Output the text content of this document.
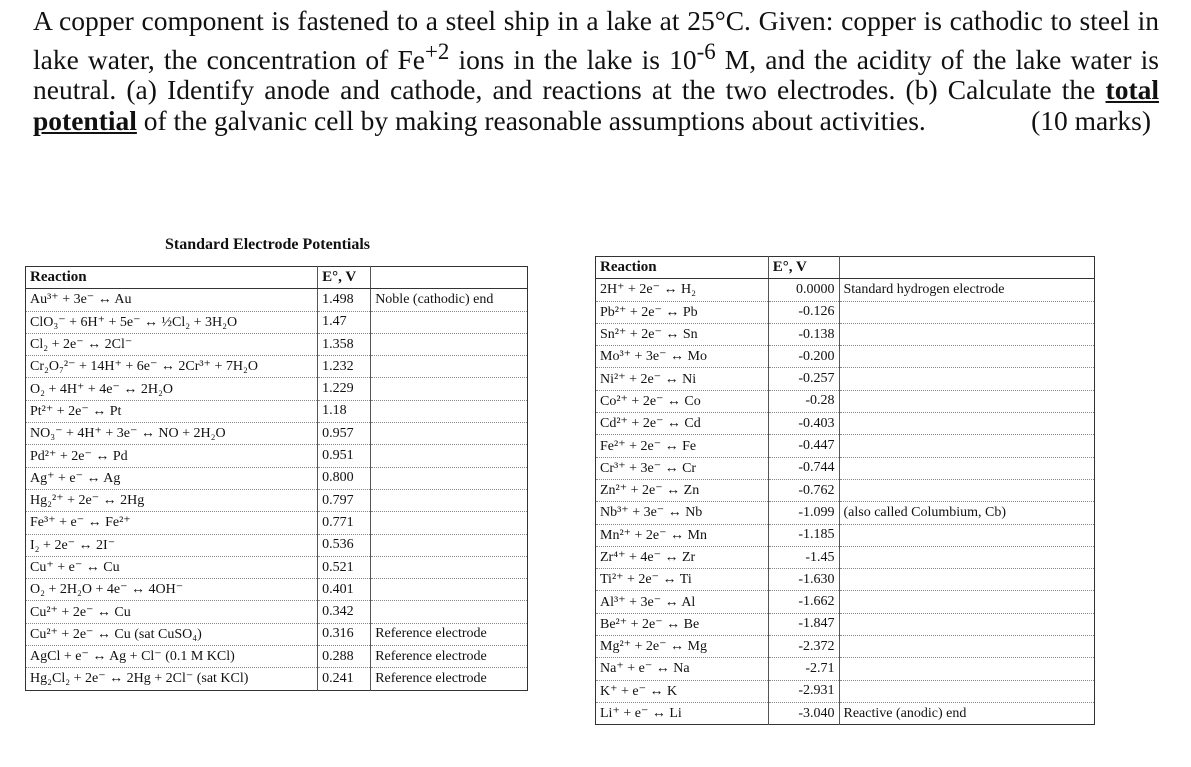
A copper component is fastened to a steel ship in a lake at 25°C. Given: copper is cathodic to steel in lake water, the concentration of $Fe^{+2}$ ions in the lake is $10^{-6}$ M, and the acidity of the lake water is neutral. (a) Identify anode and cathode, and reactions at the two electrodes. (b) Calculate the total potential of the galvanic cell by making reasonable assumptions about activities.	(10 marks)
Standard Electrode Potentials
Reaction	E°, V	
Au³⁺ + 3e⁻ ↔ Au	1.498	Noble (cathodic) end
ClO₃⁻ + 6H⁺ + 5e⁻ ↔ ½Cl₂ + 3H₂O	1.47	
Cl₂ + 2e⁻ ↔ 2Cl⁻	1.358	
Cr₂O₇²⁻ + 14H⁺ + 6e⁻ ↔ 2Cr³⁺ + 7H₂O	1.232	
O₂ + 4H⁺ + 4e⁻ ↔ 2H₂O	1.229	
Pt²⁺ + 2e⁻ ↔ Pt	1.18	
NO₃⁻ + 4H⁺ + 3e⁻ ↔ NO + 2H₂O	0.957	
Pd²⁺ + 2e⁻ ↔ Pd	0.951	
Ag⁺ + e⁻ ↔ Ag	0.800	
Hg₂²⁺ + 2e⁻ ↔ 2Hg	0.797	
Fe³⁺ + e⁻ ↔ Fe²⁺	0.771	
I₂ + 2e⁻ ↔ 2I⁻	0.536	
Cu⁺ + e⁻ ↔ Cu	0.521	
O₂ + 2H₂O + 4e⁻ ↔ 4OH⁻	0.401	
Cu²⁺ + 2e⁻ ↔ Cu	0.342	
Cu²⁺ + 2e⁻ ↔ Cu (sat CuSO₄)	0.316	Reference electrode
AgCl + e⁻ ↔ Ag + Cl⁻ (0.1 M KCl)	0.288	Reference electrode
Hg₂Cl₂ + 2e⁻ ↔ 2Hg + 2Cl⁻ (sat KCl)	0.241	Reference electrode
Reaction	E°, V	
2H⁺ + 2e⁻ ↔ H₂	0.0000	Standard hydrogen electrode
Pb²⁺ + 2e⁻ ↔ Pb	-0.126	
Sn²⁺ + 2e⁻ ↔ Sn	-0.138	
Mo³⁺ + 3e⁻ ↔ Mo	-0.200	
Ni²⁺ + 2e⁻ ↔ Ni	-0.257	
Co²⁺ + 2e⁻ ↔ Co	-0.28	
Cd²⁺ + 2e⁻ ↔ Cd	-0.403	
Fe²⁺ + 2e⁻ ↔ Fe	-0.447	
Cr³⁺ + 3e⁻ ↔ Cr	-0.744	
Zn²⁺ + 2e⁻ ↔ Zn	-0.762	
Nb³⁺ + 3e⁻ ↔ Nb	-1.099	(also called Columbium, Cb)
Mn²⁺ + 2e⁻ ↔ Mn	-1.185	
Zr⁴⁺ + 4e⁻ ↔ Zr	-1.45	
Ti²⁺ + 2e⁻ ↔ Ti	-1.630	
Al³⁺ + 3e⁻ ↔ Al	-1.662	
Be²⁺ + 2e⁻ ↔ Be	-1.847	
Mg²⁺ + 2e⁻ ↔ Mg	-2.372	
Na⁺ + e⁻ ↔ Na	-2.71	
K⁺ + e⁻ ↔ K	-2.931	
Li⁺ + e⁻ ↔ Li	-3.040	Reactive (anodic) end
